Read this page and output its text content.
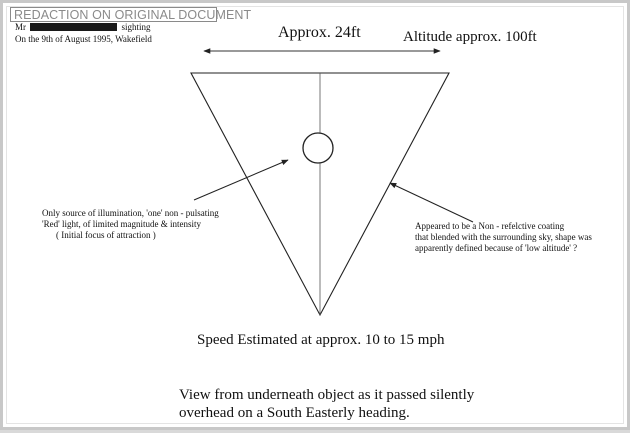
REDACTION ON ORIGINAL DOCUMENT
Mr	sighting
On the 9th of August 1995, Wakefield	Approx. 24ft	Altitude approx. 100ft
Only source of illumination, 'one' non - pulsating
'Red' light, of limited magnitude & intensity
( Initial focus of attraction )
Appeared to be a Non - refelctive coating
that blended with the surrounding sky, shape was
apparently defined because of 'low altitude' ?
Speed Estimated at approx. 10 to 15 mph
View from underneath object as it passed silently
overhead on a South Easterly heading.
